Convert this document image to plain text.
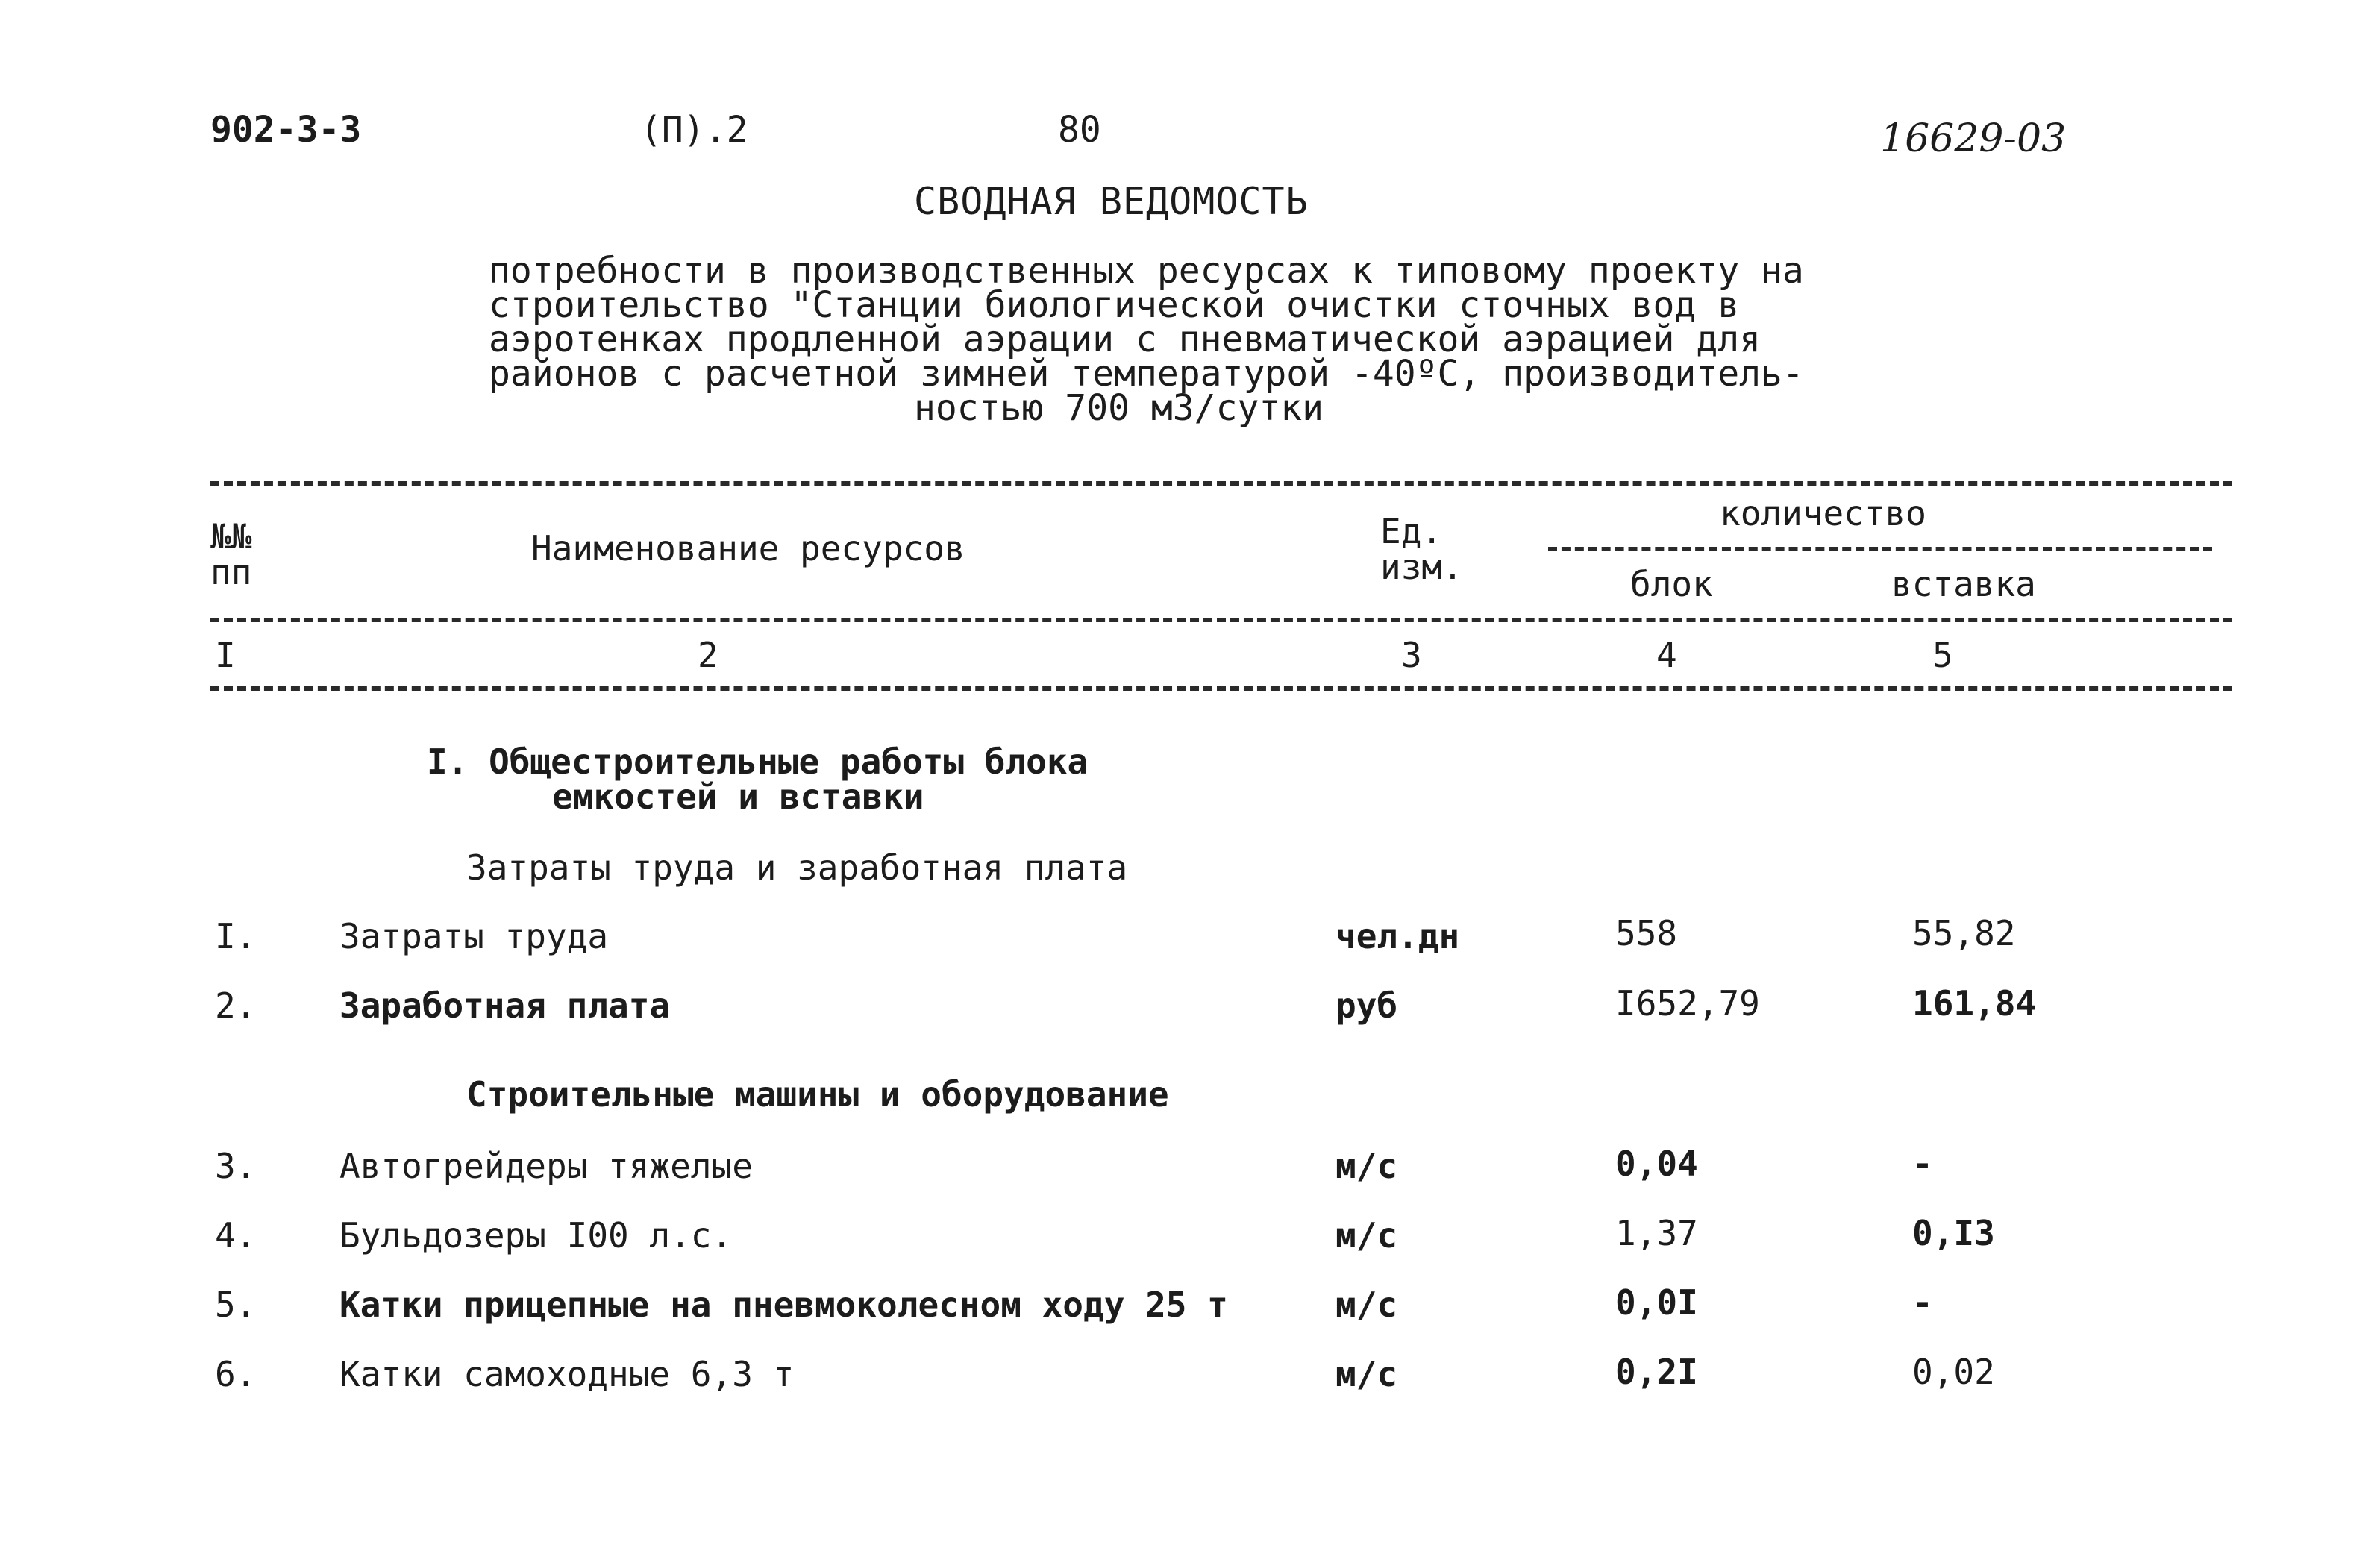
902-3-3	(П).2	80	16629-03
СВОДНАЯ ВЕДОМОСТЬ
потребности в производственных ресурсах к типовому проекту на
строительство "Станции биологической очистки сточных вод в
аэротенках продленной аэрации с пневматической аэрацией для
районов с расчетной зимней температурой -40ºС, производитель-
ностью 700 м3/сутки
№№
пп
Наименование ресурсов	Ед.
изм.
количество
блок	вставка
I	2	3	4	5
I. Общестроительные работы блока
емкостей и вставки
Затраты труда и заработная плата
I. Затраты труда	чел.дн	558	55,82
2. Заработная плата	руб	I652,79	161,84
Строительные машины и оборудование
3. Автогрейдеры тяжелые	м/с	0,04	-
4. Бульдозеры I00 л.с.	м/с	1,37	0,I3
5. Катки прицепные на пневмоколесном ходу 25 т	м/с	0,0I	-
6. Катки самоходные 6,3 т	м/с	0,2I	0,02
